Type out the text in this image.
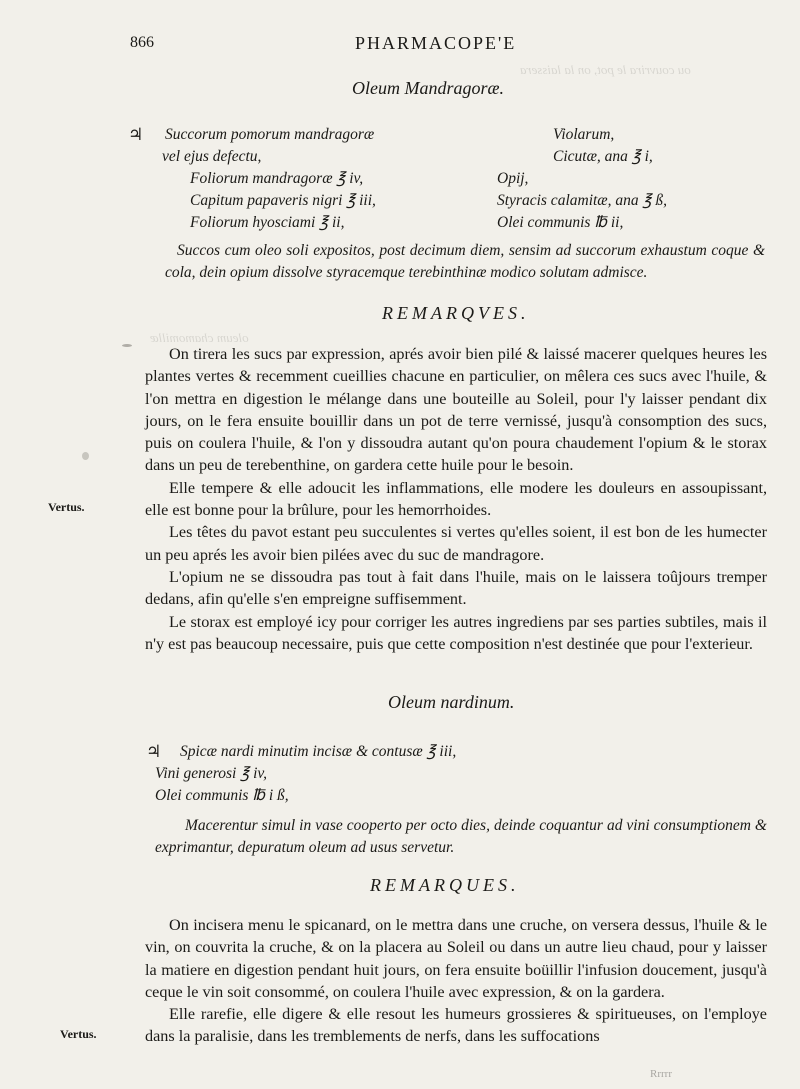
ou couvrira le pot, on la laissera
oleum chamomillæ
866	PHARMACOPE'E
Oleum Mandragoræ.
♃	Succorum pomorum mandragoræ
vel ejus defectu,
Foliorum mandragoræ ℥ iv,
Capitum papaveris nigri ℥ iii,
Foliorum hyosciami ℥ ii,
Violarum,
Cicutæ, ana ℥ i,
Opij,
Styracis calamitæ, ana ℥ ß,
Olei communis ℔ ii,
Succos cum oleo soli expositos, post decimum diem, sensim ad succorum exhaustum coque & cola, dein opium dissolve styracemque terebinthinæ modico solutam admisce.
REMARQVES.

On tirera les sucs par expression, aprés avoir bien pilé & laissé macerer quelques heures les plantes vertes & recemment cueillies chacune en particulier, on mêlera ces sucs avec l'huile, & l'on mettra en digestion le mélange dans une bouteille au Soleil, pour l'y laisser pendant dix jours, on le fera ensuite bouillir dans un pot de terre vernissé, jusqu'à consomption des sucs, puis on coulera l'huile, & l'on y dissoudra autant qu'on poura chaudement l'opium & le storax dans un peu de terebenthine, on gardera cette huile pour le besoin.

Elle tempere & elle adoucit les inflammations, elle modere les douleurs en assoupissant, elle est bonne pour la brûlure, pour les hemorrhoides.

Les têtes du pavot estant peu succulentes si vertes qu'elles soient, il est bon de les humecter un peu aprés les avoir bien pilées avec du suc de mandragore.

L'opium ne se dissoudra pas tout à fait dans l'huile, mais on le laissera toûjours tremper dedans, afin qu'elle s'en empreigne suffisemment.

Le storax est employé icy pour corriger les autres ingrediens par ses parties subtiles, mais il n'y est pas beaucoup necessaire, puis que cette composition n'est destinée que pour l'exterieur.

Vertus.
Oleum nardinum.
♃	Spicæ nardi minutim incisæ & contusæ ℥ iii,
Vini generosi ℥ iv,
Olei communis ℔ i ß,
Macerentur simul in vase cooperto per octo dies, deinde coquantur ad vini consumptionem & exprimantur, depuratum oleum ad usus servetur.
REMARQUES.

On incisera menu le spicanard, on le mettra dans une cruche, on versera dessus, l'huile & le vin, on couvrita la cruche, & on la placera au Soleil ou dans un autre lieu chaud, pour y laisser la matiere en digestion pendant huit jours, on fera ensuite boüillir l'infusion doucement, jusqu'à ceque le vin soit consommé, on coulera l'huile avec expression, & on la gardera.

Elle rarefie, elle digere & elle resout les humeurs grossieres & spiritueuses, on l'employe dans la paralisie, dans les tremblements de nerfs, dans les suffocations

Vertus.
Rrrrr
